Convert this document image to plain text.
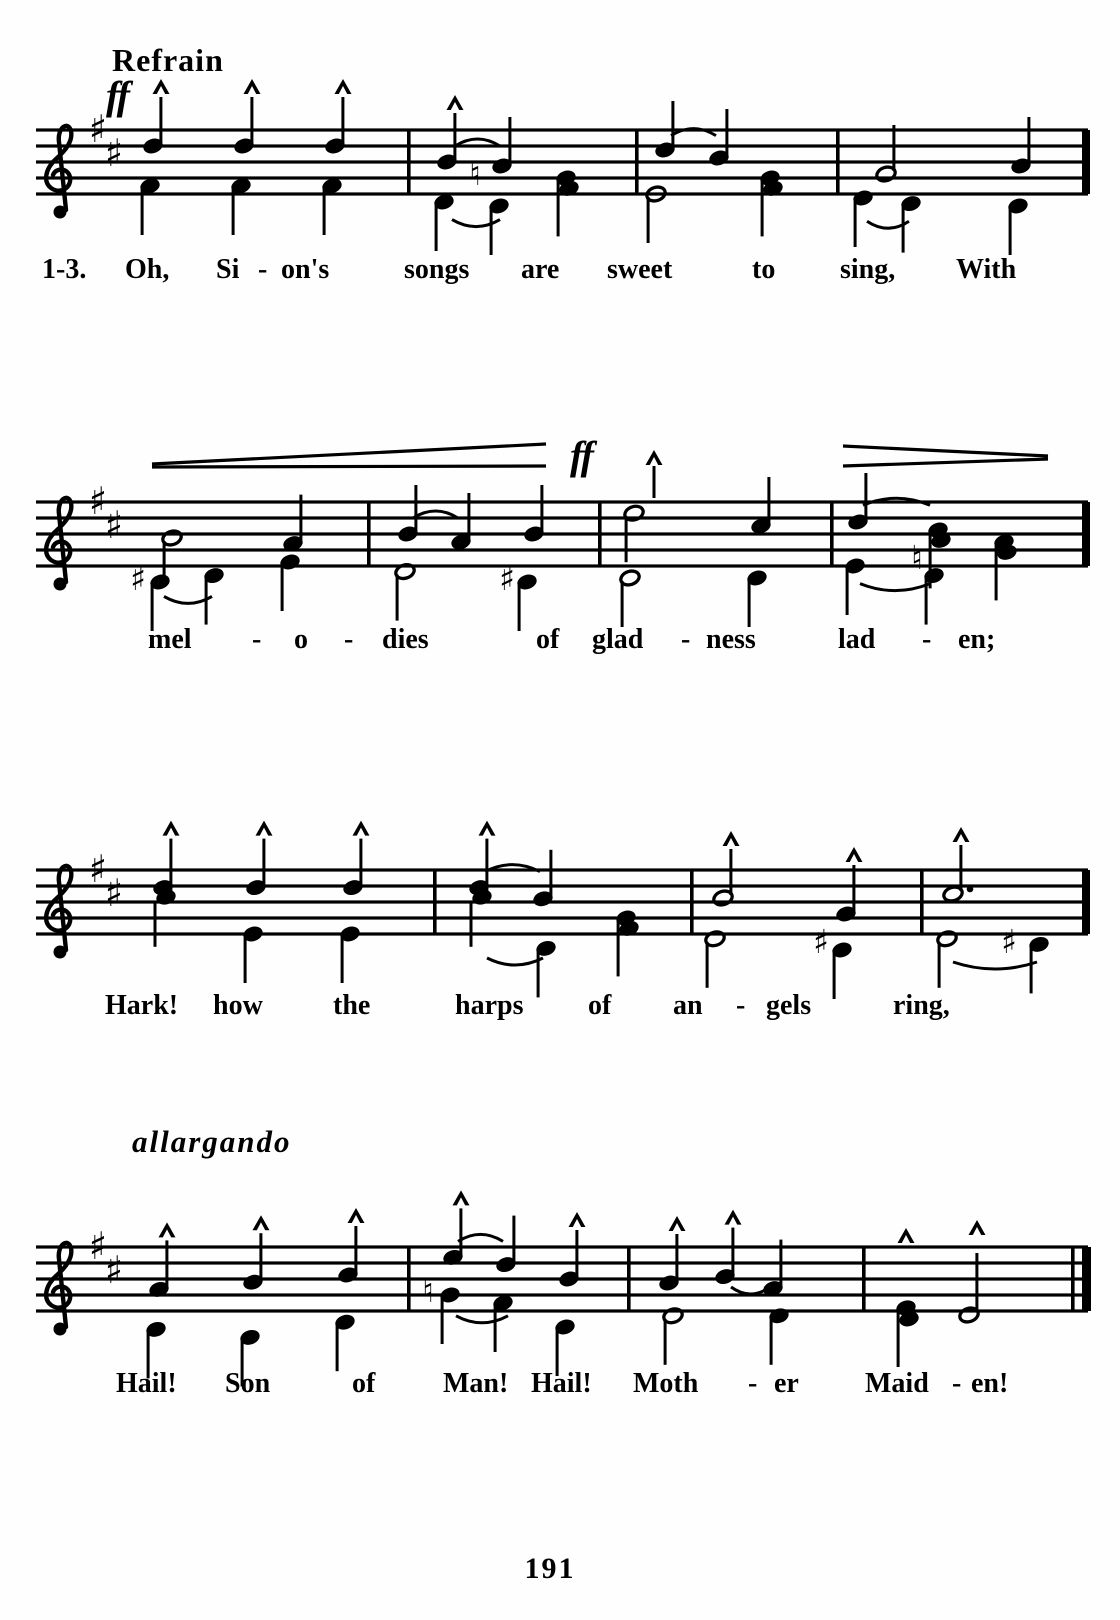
♯
♯	♮
♯
♯
♯	♯
♮
♯
♯
♯	♯
♯
♯	♮
Refrain
ff
ff
allargando
1-3. Oh, Si - on's	songs are sweet	to sing, With
mel - o - dies	of glad - ness	lad - en;
Hark! how	the	harps of an - gels	ring,
Hail! Son	of Man! Hail! Moth - er Maid - en!
191
